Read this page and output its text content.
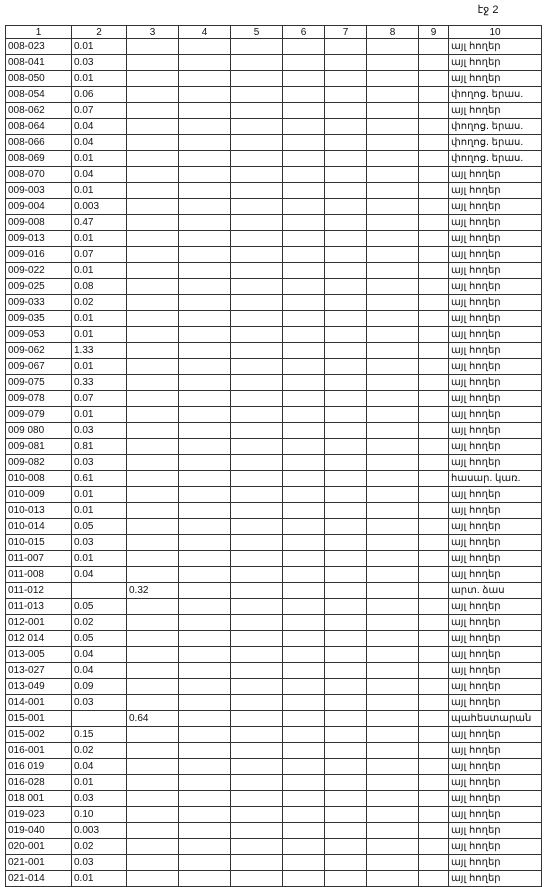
էջ 2
1	2	3	4	5	6	7	8	9	10
008-023	0.01								այլ հողեր
008-041	0.03								այլ հողեր
008-050	0.01								այլ հողեր
008-054	0.06								փողոց. երաս.
008-062	0.07								այլ հողեր
008-064	0.04								փողոց. երաս.
008-066	0.04								փողոց. երաս.
008-069	0.01								փողոց. երաս.
008-070	0.04								այլ հողեր
009-003	0.01								այլ հողեր
009-004	0.003								այլ հողեր
009-008	0.47								այլ հողեր
009-013	0.01								այլ հողեր
009-016	0.07								այլ հողեր
009-022	0.01								այլ հողեր
009-025	0.08								այլ հողեր
009-033	0.02								այլ հողեր
009-035	0.01								այլ հողեր
009-053	0.01								այլ հողեր
009-062	1.33								այլ հողեր
009-067	0.01								այլ հողեր
009-075	0.33								այլ հողեր
009-078	0.07								այլ հողեր
009-079	0.01								այլ հողեր
009 080	0.03								այլ հողեր
009-081	0.81								այլ հողեր
009-082	0.03								այլ հողեր
010-008	0.61								հասար. կառ.
010-009	0.01								այլ հողեր
010-013	0.01								այլ հողեր
010-014	0.05								այլ հողեր
010-015	0.03								այլ հողեր
011-007	0.01								այլ հողեր
011-008	0.04								այլ հողեր
011-012		0.32							արտ. ձաս
011-013	0.05								այլ հողեր
012-001	0.02								այլ հողեր
012 014	0.05								այլ հողեր
013-005	0.04								այլ հողեր
013-027	0.04								այլ հողեր
013-049	0.09								այլ հողեր
014-001	0.03								այլ հողեր
015-001		0.64							պահեստարան
015-002	0.15								այլ հողեր
016-001	0.02								այլ հողեր
016 019	0.04								այլ հողեր
016-028	0.01								այլ հողեր
018 001	0.03								այլ հողեր
019-023	0.10								այլ հողեր
019-040	0.003								այլ հողեր
020-001	0.02								այլ հողեր
021-001	0.03								այլ հողեր
021-014	0.01								այլ հողեր
